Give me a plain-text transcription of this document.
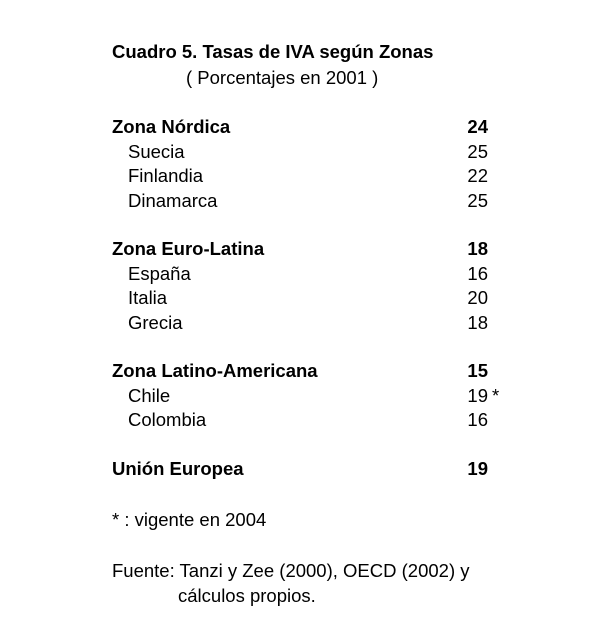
Cuadro 5. Tasas de IVA según Zonas
( Porcentajes en 2001 )
Zona Nórdica	24
Suecia	25
Finlandia	22
Dinamarca	25
Zona Euro-Latina	18
España	16
Italia	20
Grecia	18
Zona Latino-Americana	15
Chile	19 *
Colombia	16
Unión Europea	19
* : vigente en 2004
Fuente: Tanzi y Zee (2000), OECD (2002) y
cálculos propios.
